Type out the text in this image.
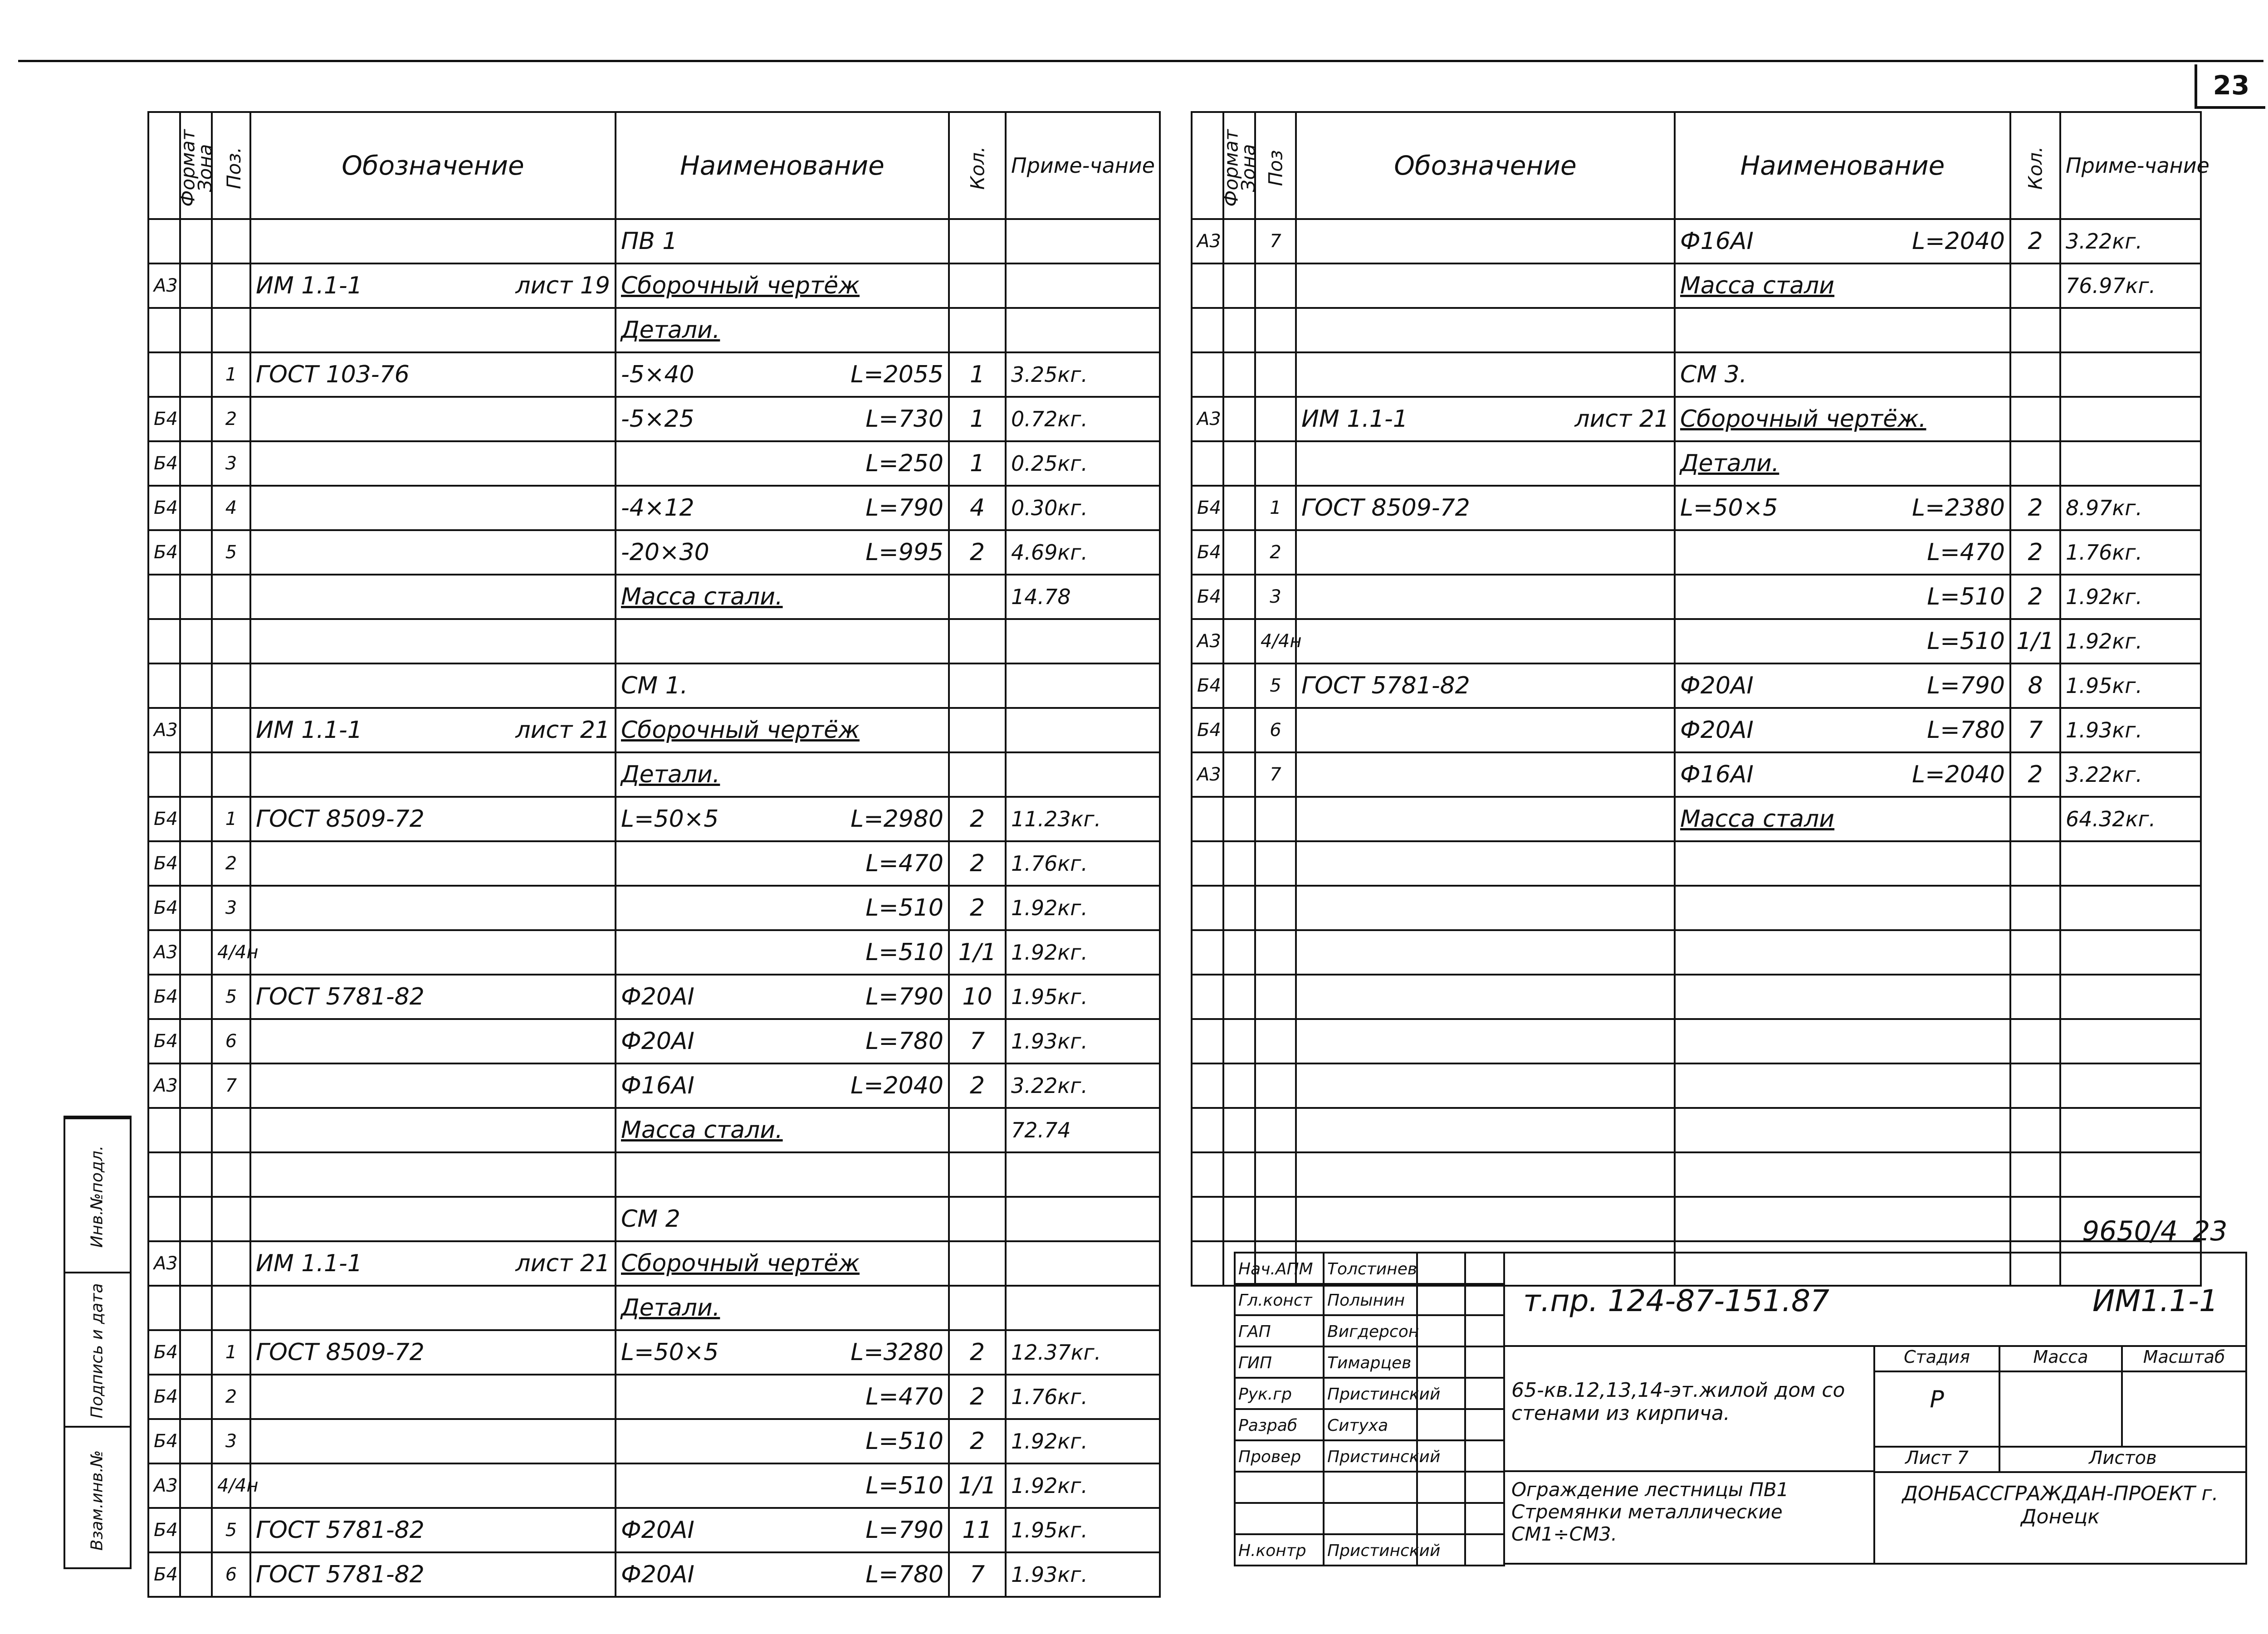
23
Формат	Зона	Поз.	Обозначение	Наименование	Кол.	Приме-чание

				ПВ 1		

А3			ИМ 1.1-1 лист 19	Сборочный чертёж		

				Детали.		

		1	ГОСТ 103-76	-5×40 L=2055	1	3.25кг.
Б4		2		-5×25 L=730	1	0.72кг.
Б4		3		L=250	1	0.25кг.
Б4		4		-4×12 L=790	4	0.30кг.
Б4		5		-20×30 L=995	2	4.69кг.

				Масса стали.		14.78

				СМ 1.		

А3			ИМ 1.1-1 лист 21	Сборочный чертёж		

				Детали.		

Б4		1	ГОСТ 8509-72	L=50×5 L=2980	2	11.23кг.
Б4		2		L=470	2	1.76кг.
Б4		3		L=510	2	1.92кг.
А3		4/4н		L=510	1/1	1.92кг.
Б4		5	ГОСТ 5781-82	Ф20АI L=790	10	1.95кг.
Б4		6		Ф20АI L=780	7	1.93кг.
А3		7		Ф16АI L=2040	2	3.22кг.

				Масса стали.		72.74

				СМ 2		

А3			ИМ 1.1-1 лист 21	Сборочный чертёж		

				Детали.		

Б4		1	ГОСТ 8509-72	L=50×5 L=3280	2	12.37кг.
Б4		2		L=470	2	1.76кг.
Б4		3		L=510	2	1.92кг.
А3		4/4н		L=510	1/1	1.92кг.
Б4		5	ГОСТ 5781-82	Ф20АI L=790	11	1.95кг.
Б4		6	ГОСТ 5781-82	Ф20АI L=780	7	1.93кг.
Формат	Зона	Поз	Обозначение	Наименование	Кол.	Приме-чание
А3		7		Ф16АI L=2040	2	3.22кг.

				Масса стали		76.97кг.

				СМ 3.		

А3			ИМ 1.1-1 лист 21	Сборочный чертёж.		

				Детали.		

Б4		1	ГОСТ 8509-72	L=50×5 L=2380	2	8.97кг.
Б4		2		L=470	2	1.76кг.
Б4		3		L=510	2	1.92кг.
А3		4/4н		L=510	1/1	1.92кг.
Б4		5	ГОСТ 5781-82	Ф20АI L=790	8	1.95кг.
Б4		6		Ф20АI L=780	7	1.93кг.
А3		7		Ф16АI L=2040	2	3.22кг.

				Масса стали		64.32кг.

9650/4 23
Нач.АПМ Толстинев
Гл.конст Полынин
ГАП	Вигдерсон
ГИП	Тимарцев
Рук.гр	Пристинский
Разраб	Ситуха
Провер	Пристинский
Н.контр	Пристинский
т.пр. 124-87-151.87	ИМ1.1-1
65-кв.12,13,14-эт.жилой дом со стенами из кирпича.
Стадия	Масса	Масштаб
Р
Лист 7	Листов
Ограждение лестницы ПВ1 Стремянки металлические СМ1÷СМ3.
ДОНБАССГРАЖДАН-ПРОЕКТ г. Донецк
Инв.№подл.
Подпись и дата
Взам.инв.№
